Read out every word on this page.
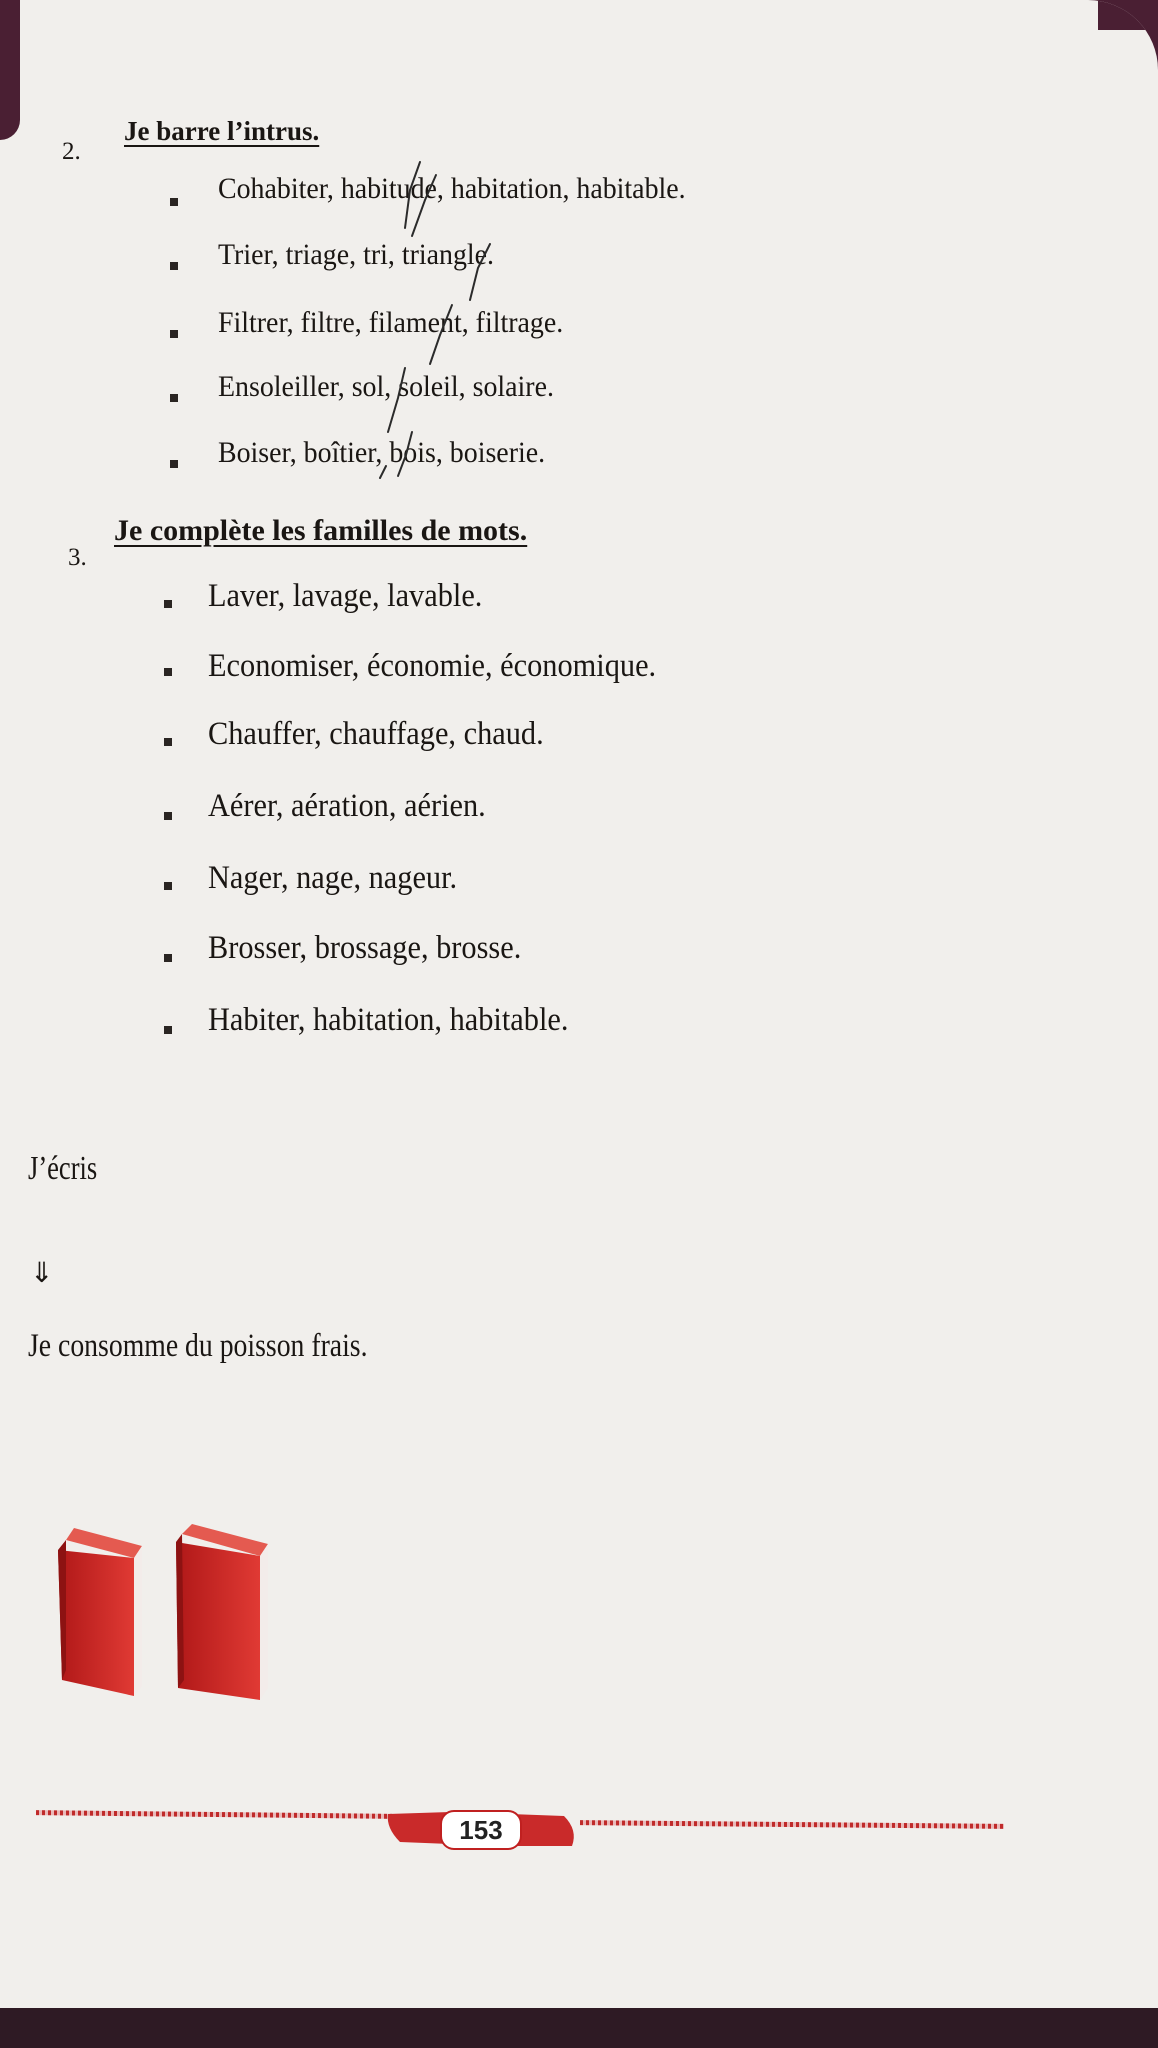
2.
Je barre l’intrus.
Cohabiter, habitude, habitation, habitable.
Trier, triage, tri, triangle.
Filtrer, filtre, filament, filtrage.
Ensoleiller, sol, soleil, solaire.
Boiser, boîtier, bois, boiserie.
3.
Je complète les familles de mots.
Laver, lavage, lavable.
Economiser, économie, économique.
Chauffer, chauffage, chaud.
Aérer, aération, aérien.
Nager, nage, nageur.
Brosser, brossage, brosse.
Habiter, habitation, habitable.
J’écris
⇓
Je consomme du poisson frais.
153
